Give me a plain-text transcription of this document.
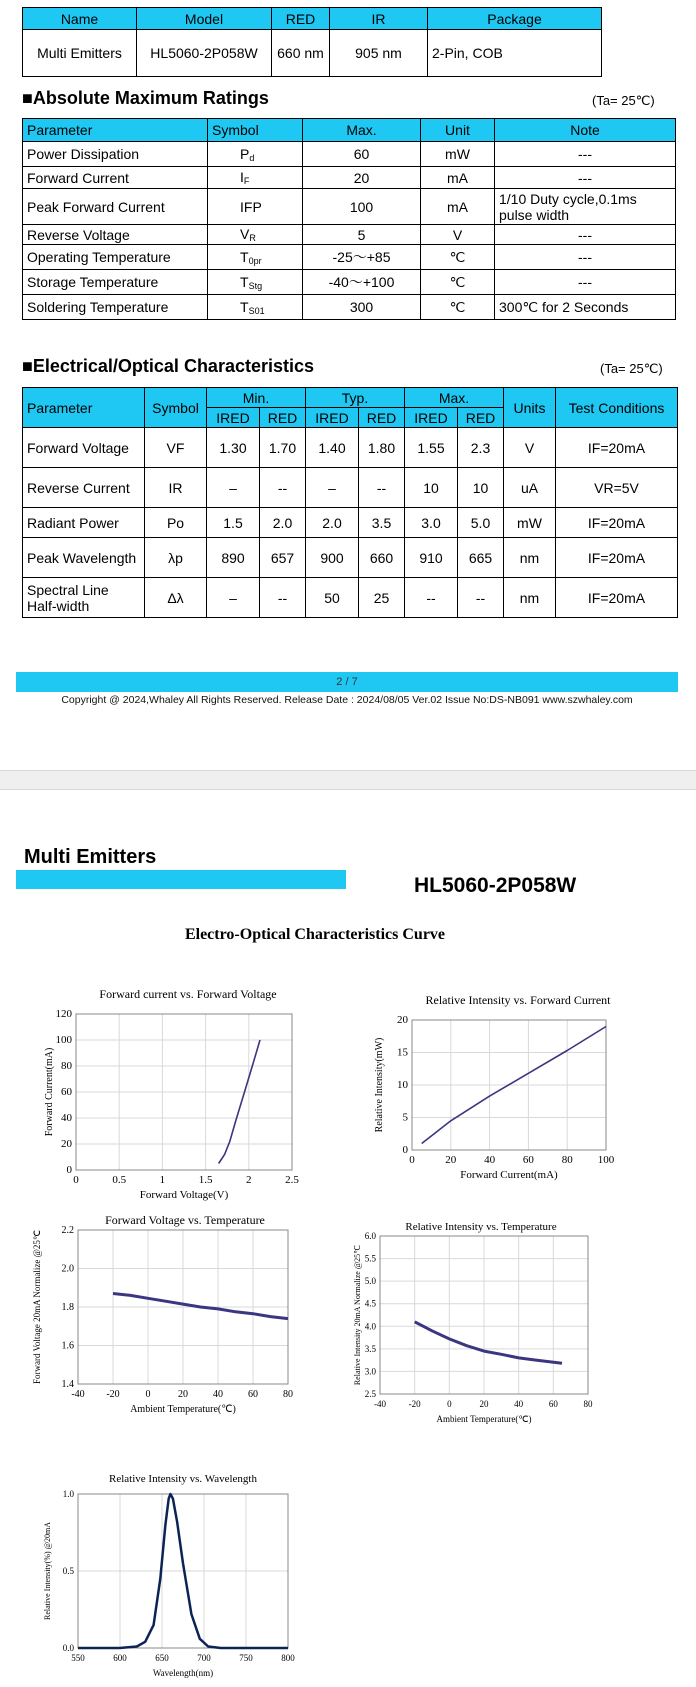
Name	Model	RED	IR	Package
Multi Emitters	HL5060-2P058W	660 nm	905 nm	2-Pin, COB
■Absolute Maximum Ratings	(Ta= 25℃)
Parameter	Symbol	Max.	Unit	Note
Power Dissipation	$P_d$	60	mW	---
Forward Current	$I_F$	20	mA	---
Peak Forward Current	IFP	100	mA	1/10 Duty cycle,0.1ms pulse width
Reverse Voltage	$V_R$	5	V	---
Operating Temperature	$T_{0pr}$	-25～+85	℃	---
Storage Temperature	$T_{Stg}$	-40～+100	℃	---
Soldering Temperature	$T_{S01}$	300	℃	300℃ for 2 Seconds
■Electrical/Optical Characteristics	(Ta= 25℃)
Parameter	Symbol	Min.		Typ.		Max.		Units	Test Conditions
		IRED	RED	IRED	RED	IRED	RED		
Forward Voltage	VF	1.30	1.70	1.40	1.80	1.55	2.3	V	IF=20mA
Reverse Current	IR	–	--	–	--	10	10	uA	VR=5V
Radiant Power	Po	1.5	2.0	2.0	3.5	3.0	5.0	mW	IF=20mA
Peak Wavelength	λp	890	657	900	660	910	665	nm	IF=20mA
Spectral Line Half-width	Δλ	–	--	50	25	--	--	nm	IF=20mA
2 / 7
Copyright @ 2024,Whaley All Rights Reserved. Release Date : 2024/08/05 Ver.02 Issue No:DS-NB091 www.szwhaley.com
Multi Emitters
HL5060-2P058W
Electro-Optical Characteristics Curve
Forward current vs. Forward Voltage
0	0.5	1	1.5	2	2.5
0
20
40
60
80
100
120
Forward Voltage(V)
Forward Current(mA)
Relative Intensity vs. Forward Current
0	20	40	60	80 100
0
5
10
15
20
Forward Current(mA)
Relative Intensity(mW)
Forward Voltage vs. Temperature
-40 -20	0	20	40	60	80
1.4
1.6
1.8
2.0
2.2
Ambient Temperature(℃)
Forward Voltage 20mA Normalize @25℃
Relative Intensity vs. Temperature
-40	-20	0	20	40	60	80
2.5
3.0
3.5
4.0
4.5
5.0
5.5
6.0
Ambient Temperature(℃)
Relative Intensity 20mA Normalize @25℃
Relative Intensity vs. Wavelength
550	600	650	700	750	800
0.0
0.5
1.0
Wavelength(nm)
Relative Intensity(%) @20mA
